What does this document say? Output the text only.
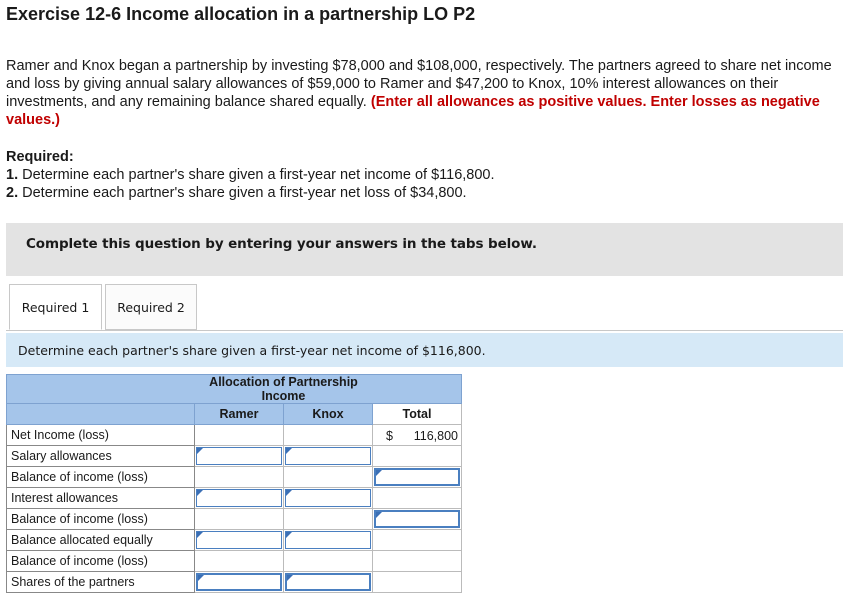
Exercise 12-6 Income allocation in a partnership LO P2
Ramer and Knox began a partnership by investing $78,000 and $108,000, respectively. The partners agreed to share net income and loss by giving annual salary allowances of $59,000 to Ramer and $47,200 to Knox, 10% interest allowances on their investments, and any remaining balance shared equally. (Enter all allowances as positive values. Enter losses as negative values.)
Required:
1. Determine each partner's share given a first-year net income of $116,800.
2. Determine each partner's share given a first-year net loss of $34,800.
Complete this question by entering your answers in the tabs below.
Required 1 Required 2
Determine each partner's share given a first-year net income of $116,800.
	Allocation of Partnership Income		
	Ramer	Knox	Total
Net Income (loss)			$ 116,800

Salary allowances	

Balance of income (loss)			

Interest allowances	

Balance of income (loss)			

Balance allocated equally	

Balance of income (loss)			
Shares of the partners	
